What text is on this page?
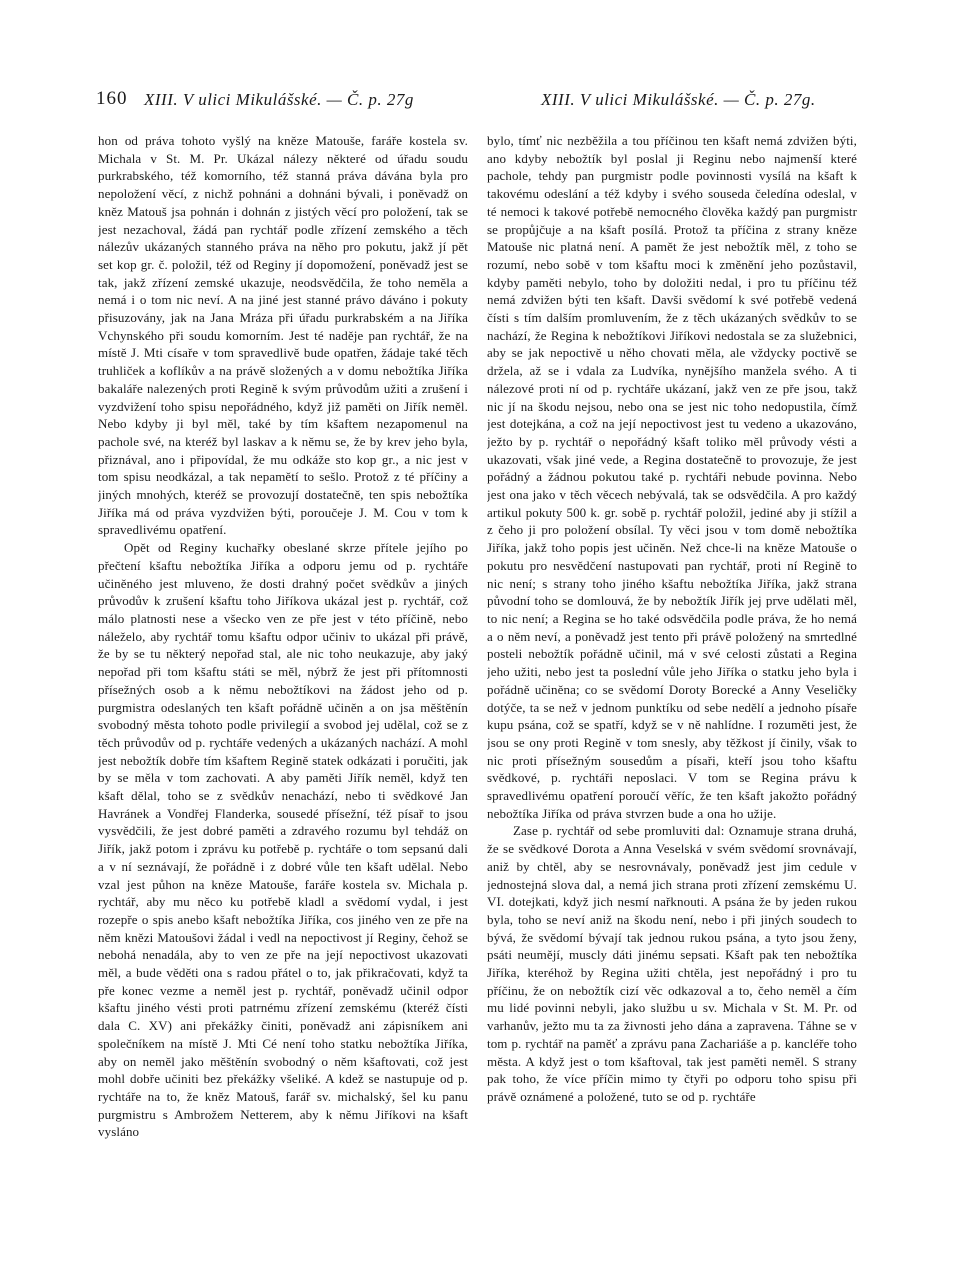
160 XIII. V ulici Mikulášské. — Č. p. 27g	XIII. V ulici Mikulášské. — Č. p. 27g.

hon od práva tohoto vyšlý na kněze Matouše, faráře kostela sv. Michala v St. M. Pr. Ukázal nálezy některé od úřadu soudu purkrabského, též komorního, též stanná práva dávána byla pro nepoložení věcí, z nichž pohnáni a dohnáni bývali, i poněvadž on kněz Matouš jsa pohnán i dohnán z jistých věcí pro položení, tak se jest nezachoval, žádá pan rychtář podle zřízení zemského a těch nálezův ukázaných stanného práva na něho pro pokutu, jakž jí pět set kop gr. č. položil, též od Reginy jí dopomožení, poněvadž jest se tak, jakž zřízení zemské ukazuje, neodsvědčila, že toho neměla a nemá i o tom nic neví. A na jiné jest stanné právo dáváno i pokuty přisuzovány, jak na Jana Mráza při úřadu purkrabském a na Jiříka Vchynského při soudu komorním. Jest té naděje pan rychtář, že na místě J. Mti císaře v tom spravedlivě bude opatřen, žádaje také těch truhliček a koflíkův a na právě složených a v domu nebožtíka Jiříka bakaláře nalezených proti Regině k svým průvodům užiti a zrušení i vyzdvižení toho spisu nepořádného, když již paměti on Jiřík neměl. Nebo kdyby ji byl měl, také by tím kšaftem nezapomenul na pachole své, na kteréž byl laskav a k němu se, že by krev jeho byla, přiznával, ano i připovídal, že mu odkáže sto kop gr., a nic jest v tom spisu neodkázal, a tak nepamětí to sešlo. Protož z té příčiny a jiných mnohých, kteréž se provozují dostatečně, ten spis nebožtíka Jiříka má od práva vyzdvižen býti, poroučeje J. M. Cou v tom k spravedlivému opatření.

Opět od Reginy kuchařky obeslané skrze přítele jejího po přečtení kšaftu nebožtíka Jiříka a odporu jemu od p. rychtáře učiněného jest mluveno, že dosti drahný počet svědkův a jiných průvodův k zrušení kšaftu toho Jiříkova ukázal jest p. rychtář, což málo platnosti nese a všecko ven ze pře jest v této příčině, nebo náleželo, aby rychtář tomu kšaftu odpor učiniv to ukázal při právě, že by se tu některý nepořad stal, ale nic toho neukazuje, aby jaký nepořad při tom kšaftu státi se měl, nýbrž že jest při přítomnosti přísežných osob a k němu nebožtíkovi na žádost jeho od p. purgmistra odeslaných ten kšaft pořádně učiněn a on jsa měštěnín svobodný města tohoto podle privilegií a svobod jej udělal, což se z těch průvodův od p. rychtáře vedených a ukázaných nachází. A mohl jest nebožtík dobře tím kšaftem Regině statek odkázati i poručiti, jak by se měla v tom zachovati. A aby paměti Jiřík neměl, když ten kšaft dělal, toho se z svědkův nenachází, nebo ti svědkové Jan Havránek a Vondřej Flanderka, sousedé přísežní, též písař to jsou vysvědčili, že jest dobré paměti a zdravého rozumu byl tehdáž on Jiřík, jakž potom i zprávu ku potřebě p. rychtáře o tom sepsanú dali a v ní seznávají, že pořádně i z dobré vůle ten kšaft udělal. Nebo vzal jest půhon na kněze Matouše, faráře kostela sv. Michala p. rychtář, aby mu něco ku potřebě kladl a svědomí vydal, i jest rozepře o spis anebo kšaft nebožtíka Jiříka, cos jiného ven ze pře na něm knězi Matoušovi žádal i vedl na nepoctivost jí Reginy, čehož se nebohá nenadála, aby to ven ze pře na její nepoctivost ukazovati měl, a bude věděti ona s radou přátel o to, jak přikračovati, když ta pře konec vezme a neměl jest p. rychtář, poněvadž učinil odpor kšaftu jiného vésti proti patrnému zřízení zemskému (kteréž čísti dala C. XV) ani překážky činiti, poněvadž ani zápisníkem ani společníkem na místě J. Mti Cé není toho statku nebožtíka Jiříka, aby on neměl jako měštěnín svobodný o něm kšaftovati, což jest mohl dobře učiniti bez překážky všeliké. A kdež se nastupuje od p. rychtáře na to, že kněz Matouš, farář sv. michalský, šel ku panu purgmistru s Ambrožem Netterem, aby k němu Jiříkovi na kšaft vysláno

bylo, tímť nic nezběžila a tou příčinou ten kšaft nemá zdvižen býti, ano kdyby nebožtík byl poslal ji Reginu nebo najmenší které pachole, tehdy pan purgmistr podle povinnosti vysílá na kšaft k takovému odeslání a též kdyby i svého souseda čeledína odeslal, v té nemoci k takové potřebě nemocného člověka každý pan purgmistr se propůjčuje a na kšaft posílá. Protož ta příčina z strany kněze Matouše nic platná není. A pamět že jest nebožtík měl, z toho se rozumí, nebo sobě v tom kšaftu moci k změnění jeho pozůstavil, kdyby paměti nebylo, toho by doložiti nedal, i pro tu příčinu též nemá zdvižen býti ten kšaft. Davši svědomí k své potřebě vedená čísti s tím dalším promluvením, že z těch ukázaných svědkův to se nachází, že Regina k nebožtíkovi Jiříkovi nedostala se za služebnici, aby se jak nepoctivě u něho chovati měla, ale vždycky poctivě se držela, až se i vdala za Ludvíka, nynějšího manžela svého. A ti nálezové proti ní od p. rychtáře ukázaní, jakž ven ze pře jsou, takž nic jí na škodu nejsou, nebo ona se jest nic toho nedopustila, čímž jest dotejkána, a což na její nepoctivost jest tu vedeno a ukazováno, ježto by p. rychtář o nepořádný kšaft toliko měl průvody vésti a ukazovati, však jiné vede, a Regina dostatečně to provozuje, že jest pořádný a žádnou pokutou také p. rychtáři nebude povinna. Nebo jest ona jako v těch věcech nebývalá, tak se odsvědčila. A pro každý artikul pokuty 500 k. gr. sobě p. rychtář položil, jediné aby ji stížil a z čeho ji pro položení obsílal. Ty věci jsou v tom domě nebožtíka Jiříka, jakž toho popis jest učiněn. Než chce-li na kněze Matouše o pokutu pro nesvědčení nastupovati pan rychtář, proti ní Regině to nic není; s strany toho jiného kšaftu nebožtíka Jiříka, jakž strana původní toho se domlouvá, že by nebožtík Jiřík jej prve udělati měl, to nic není; a Regina se ho také odsvědčila podle práva, že ho nemá a o něm neví, a poněvadž jest tento při právě položený na smrtedlné posteli nebožtík pořádně učinil, má v své celosti zůstati a Regina jeho užiti, nebo jest ta poslední vůle jeho Jiříka o statku jeho byla i pořádně učiněna; co se svědomí Doroty Borecké a Anny Veseličky dotýče, ta se než v jednom punktíku od sebe nedělí a jednoho písaře kupu psána, což se spatří, když se v ně nahlídne. I rozuměti jest, že jsou se ony proti Regině v tom snesly, aby těžkost jí činily, však to nic proti přísežným sousedům a písaři, kteří jsou toho kšaftu svědkové, p. rychtáři neposlaci. V tom se Regina právu k spravedlivému opatření poroučí věříc, že ten kšaft jakožto pořádný nebožtíka Jiříka od práva stvrzen bude a ona ho užije.

Zase p. rychtář od sebe promluviti dal: Oznamuje strana druhá, že se svědkové Dorota a Anna Veselská v svém svědomí srovnávají, aniž by chtěl, aby se nesrovnávaly, poněvadž jest jim cedule v jednostejná slova dal, a nemá jich strana proti zřízení zemskému U. VI. dotejkati, když jich nesmí nařknouti. A psána že by jeden rukou byla, toho se neví aniž na škodu není, nebo i při jiných soudech to bývá, že svědomí bývají tak jednou rukou psána, a tyto jsou ženy, psáti neumějí, muscly dáti jinému sepsati. Kšaft pak ten nebožtíka Jiříka, kteréhož by Regina užiti chtěla, jest nepořádný i pro tu příčinu, že on nebožtík cizí věc odkazoval a to, čeho neměl a čím mu lidé povinni nebyli, jako službu u sv. Michala v St. M. Pr. od varhanův, ježto mu ta za živnosti jeho dána a zapravena. Táhne se v tom p. rychtář na paměť a zprávu pana Zachariáše a p. kancléře toho města. A když jest o tom kšaftoval, tak jest paměti neměl. S strany pak toho, že více příčin mimo ty čtyři po odporu toho spisu při právě oznámené a položené, tuto se od p. rychtáře
